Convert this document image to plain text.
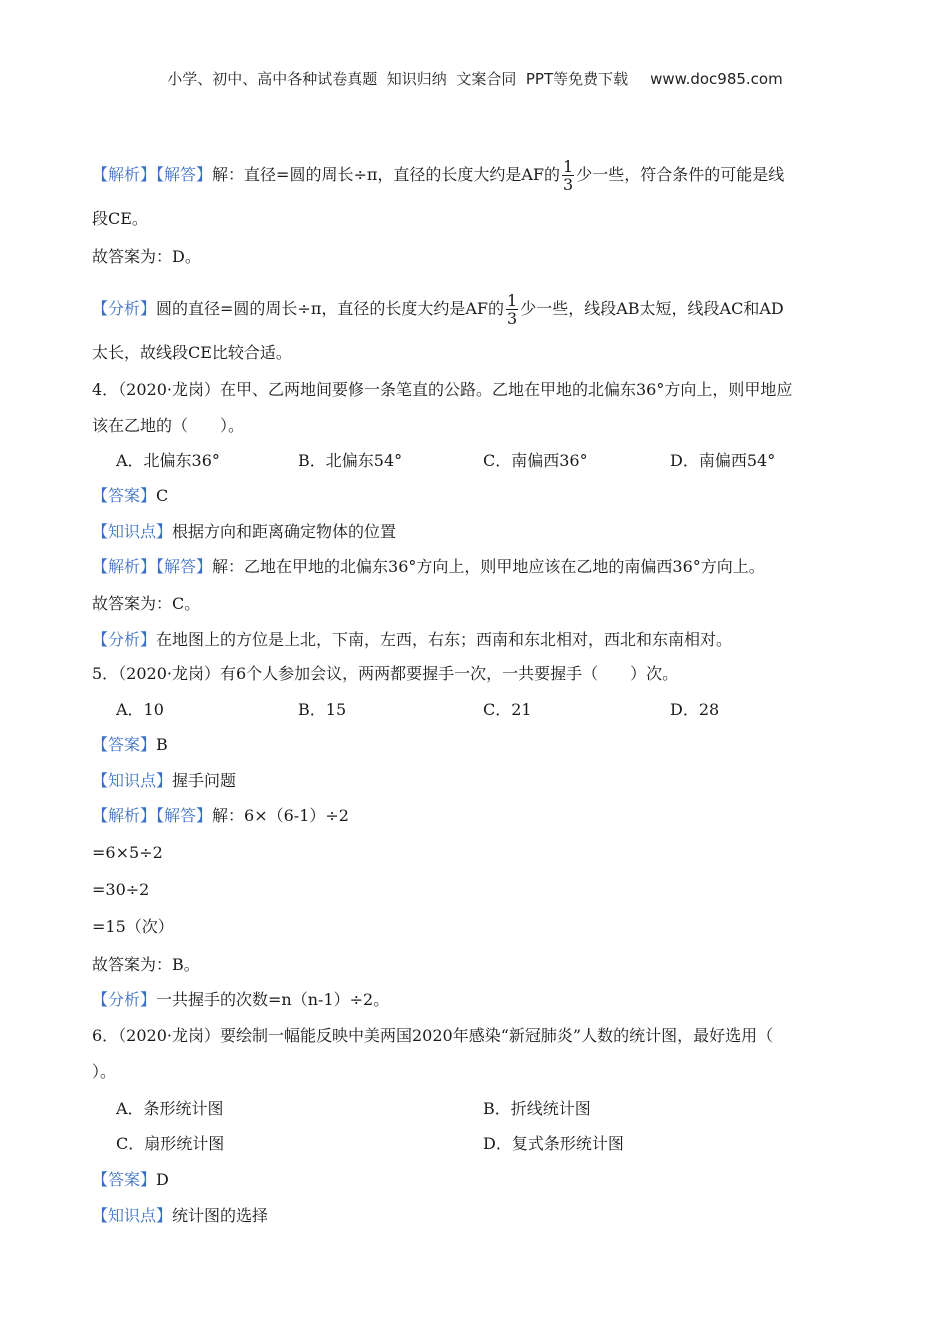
小学、初中、高中各种试卷真题  知识归纳  文案合同  PPT等免费下载 www.doc985.com
【解析】【解答】解：直径=圆的周长÷π，直径的长度大约是AF的 $\frac{1}{3}$ 少一些，符合条件的可能是线
段CE。
故答案为：D。
【分析】圆的直径=圆的周长÷π，直径的长度大约是AF的 $\frac{1}{3}$ 少一些，线段AB太短，线段AC和AD
太长，故线段CE比较合适。
4．（2020·龙岗）在甲、乙两地间要修一条笔直的公路。乙地在甲地的北偏东36°方向上，则甲地应
该在乙地的（　　）。
A．北偏东36°	B．北偏东54°	C．南偏西36°	D．南偏西54°
【答案】C
【知识点】根据方向和距离确定物体的位置
【解析】【解答】解：乙地在甲地的北偏东36°方向上，则甲地应该在乙地的南偏西36°方向上。
故答案为：C。
【分析】在地图上的方位是上北，下南，左西，右东；西南和东北相对，西北和东南相对。
5．（2020·龙岗）有6个人参加会议，两两都要握手一次，一共要握手（　　）次。
A．10	B．15	C．21	D．28
【答案】B
【知识点】握手问题
【解析】【解答】解：6×（6-1）÷2
=6×5÷2
=30÷2
=15（次）
故答案为：B。
【分析】一共握手的次数=n（n-1）÷2。
6．（2020·龙岗）要绘制一幅能反映中美两国2020年感染“新冠肺炎”人数的统计图，最好选用（
）。
A．条形统计图	B．折线统计图
C．扇形统计图	D．复式条形统计图
【答案】D
【知识点】统计图的选择
